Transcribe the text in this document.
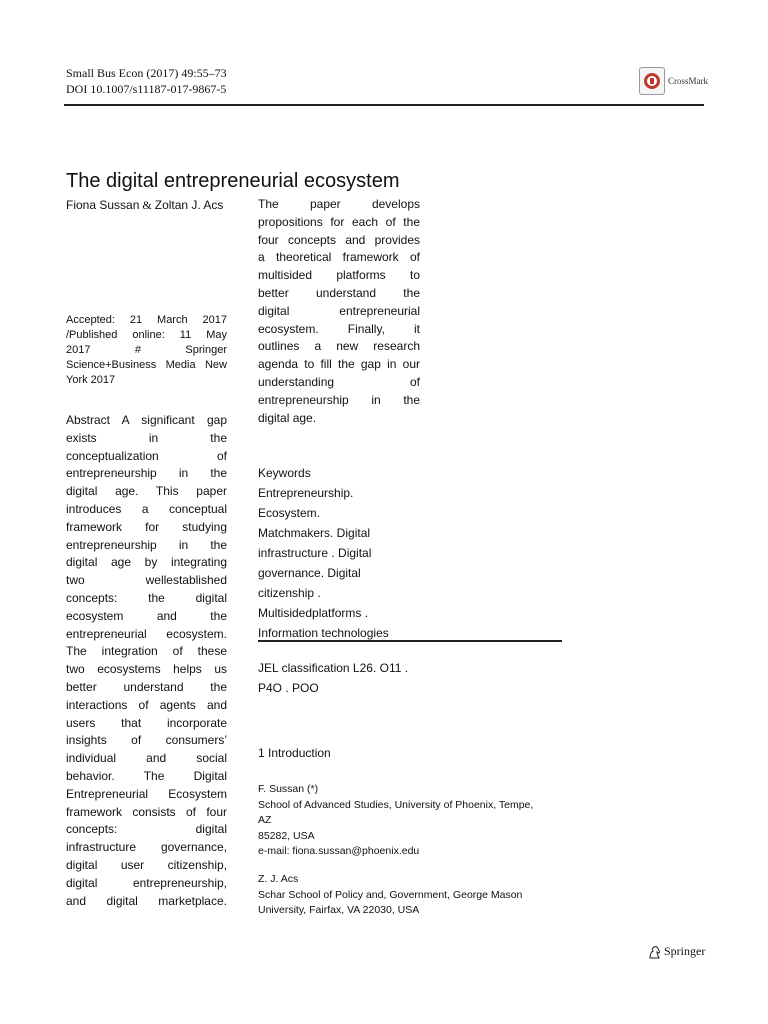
Small Bus Econ (2017) 49:55–73
DOI 10.1007/s11187-017-9867-5
CrossMark
The digital entrepreneurial ecosystem
Fiona Sussan & Zoltan J. Acs
Accepted: 21 March 2017
/Published online: 11 May
2017 # Springer
Science+Business Media New
York 2017
Abstract A significant gap
exists in the
conceptualization of
entrepreneurship in the
digital age. This paper
introduces a conceptual
framework for studying
entrepreneurship in the
digital age by integrating
two wellestablished
concepts: the digital
ecosystem and the
entrepreneurial ecosystem.
The integration of these
two ecosystems helps us
better understand the
interactions of agents and
users that incorporate
insights of consumers’
individual and social
behavior. The Digital
Entrepreneurial Ecosystem
framework consists of four
concepts: digital
infrastructure governance,
digital user citizenship,
digital entrepreneurship,
and digital marketplace.
The paper develops
propositions for each of the
four concepts and provides
a theoretical framework of
multisided platforms to
better understand the
digital entrepreneurial
ecosystem. Finally, it
outlines a new research
agenda to fill the gap in our
understanding of
entrepreneurship in the
digital age.
Keywords
Entrepreneurship.
Ecosystem.
Matchmakers. Digital
infrastructure . Digital
governance. Digital
citizenship .
Multisidedplatforms .
Information technologies
JEL classification L26. O11 .
P4O . POO
1 Introduction
F. Sussan (*)
School of Advanced Studies, University of Phoenix, Tempe,
AZ
85282, USA
e-mail: fiona.sussan@phoenix.edu
Z. J. Acs
Schar School of Policy and, Government, George Mason
University, Fairfax, VA 22030, USA
Springer
